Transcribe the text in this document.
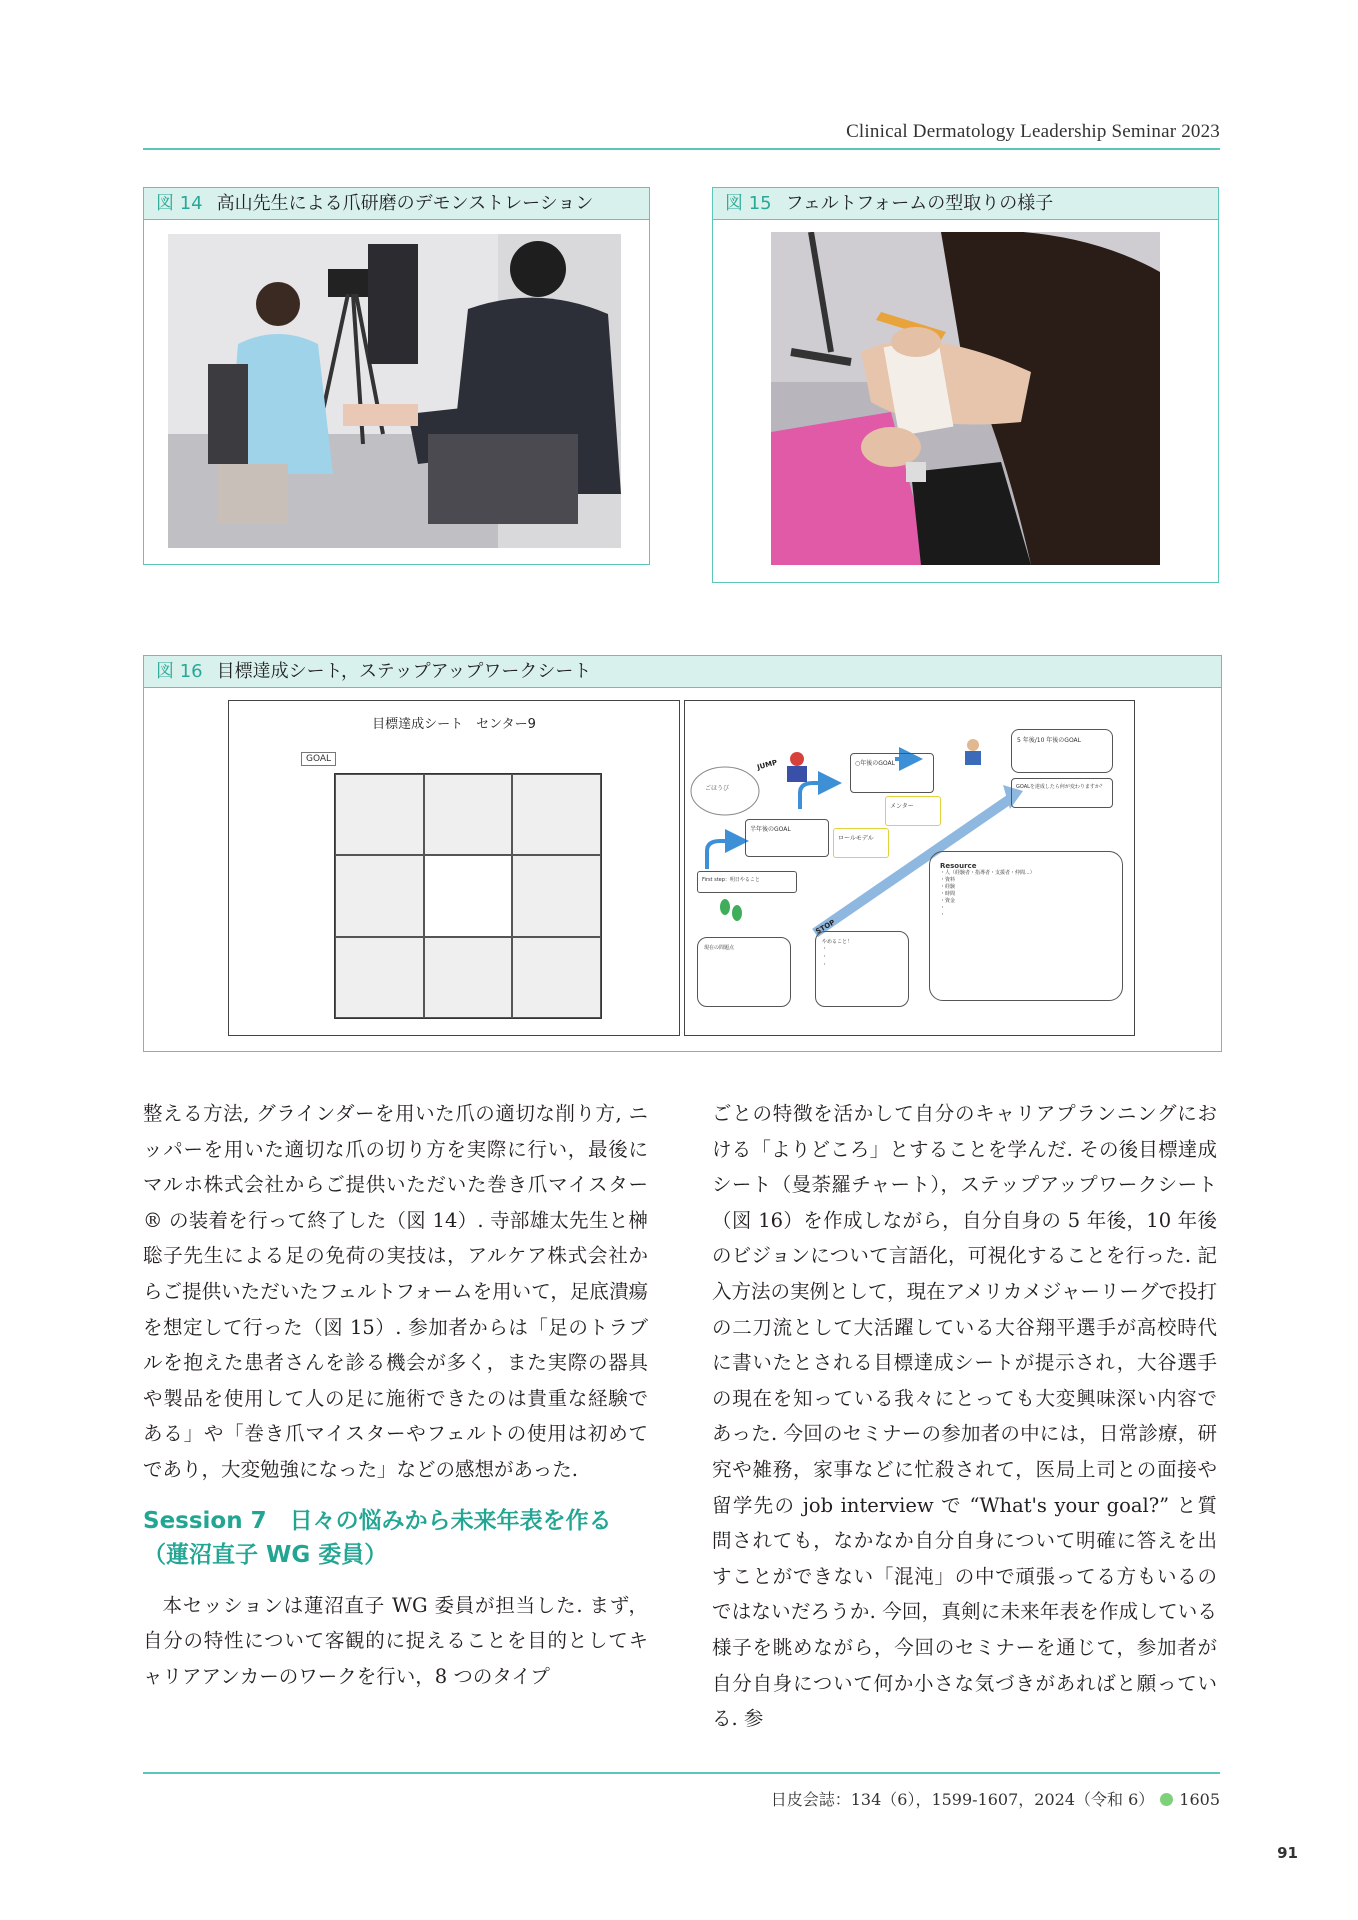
Clinical Dermatology Leadership Seminar 2023
図 14 高山先生による爪研磨のデモンストレーション	図 15 フェルトフォームの型取りの様子
図 16 目標達成シート，ステップアップワークシート
目標達成シート　センター9
GOAL
5 年後/10 年後のGOAL
GOALを達成したら何が変わりますか？
○年後のGOAL
メンター
ごほうび
JUMP
半年後のGOAL
ロールモデル
First step：明日やること
Resource
・人（経験者・指導者・支援者・仲間...）
・資料
・経験
・時間
・資金
・
・
STOP
現在の問題点
やめること！
・
・
・

整える方法, グラインダーを用いた爪の適切な削り方, ニッパーを用いた適切な爪の切り方を実際に行い，最後にマルホ株式会社からご提供いただいた巻き爪マイスター® の装着を行って終了した（図 14）. 寺部雄太先生と榊聡子先生による足の免荷の実技は，アルケア株式会社からご提供いただいたフェルトフォームを用いて，足底潰瘍を想定して行った（図 15）. 参加者からは「足のトラブルを抱えた患者さんを診る機会が多く，また実際の器具や製品を使用して人の足に施術できたのは貴重な経験である」や「巻き爪マイスターやフェルトの使用は初めてであり，大変勉強になった」などの感想があった.

Session 7　日々の悩みから未来年表を作る（蓮沼直子 WG 委員）

本セッションは蓮沼直子 WG 委員が担当した. まず，自分の特性について客観的に捉えることを目的としてキャリアアンカーのワークを行い，8 つのタイプ

ごとの特徴を活かして自分のキャリアプランニングにおける「よりどころ」とすることを学んだ. その後目標達成シート（曼荼羅チャート），ステップアップワークシート（図 16）を作成しながら，自分自身の 5 年後，10 年後のビジョンについて言語化，可視化することを行った. 記入方法の実例として，現在アメリカメジャーリーグで投打の二刀流として大活躍している大谷翔平選手が高校時代に書いたとされる目標達成シートが提示され，大谷選手の現在を知っている我々にとっても大変興味深い内容であった. 今回のセミナーの参加者の中には，日常診療，研究や雑務，家事などに忙殺されて，医局上司との面接や留学先の job interview で “What's your goal?” と質問されても，なかなか自分自身について明確に答えを出すことができない「混沌」の中で頑張ってる方もいるのではないだろうか. 今回，真剣に未来年表を作成している様子を眺めながら，今回のセミナーを通じて，参加者が自分自身について何か小さな気づきがあればと願っている. 参

日皮会誌：134（6），1599-1607，2024（令和 6） 1605
91
